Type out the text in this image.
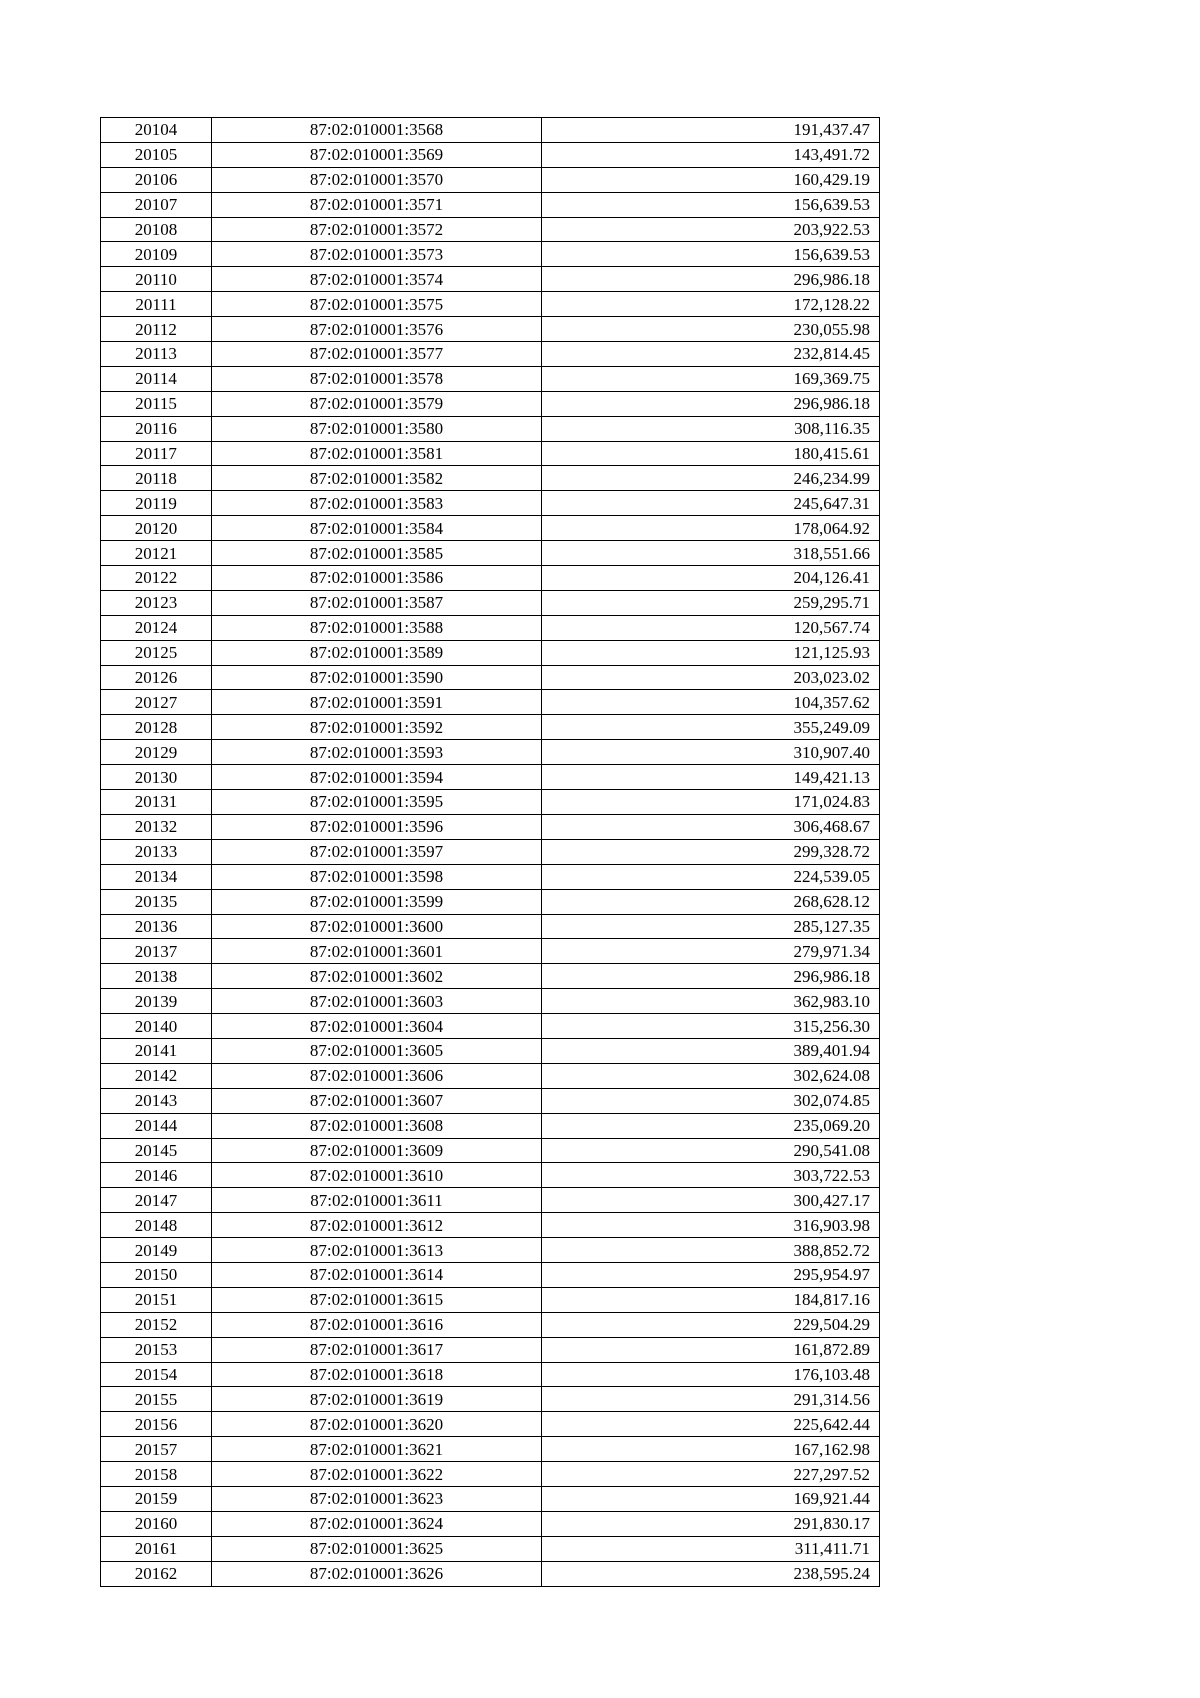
20104	87:02:010001:3568	191,437.47
20105	87:02:010001:3569	143,491.72
20106	87:02:010001:3570	160,429.19
20107	87:02:010001:3571	156,639.53
20108	87:02:010001:3572	203,922.53
20109	87:02:010001:3573	156,639.53
20110	87:02:010001:3574	296,986.18
20111	87:02:010001:3575	172,128.22
20112	87:02:010001:3576	230,055.98
20113	87:02:010001:3577	232,814.45
20114	87:02:010001:3578	169,369.75
20115	87:02:010001:3579	296,986.18
20116	87:02:010001:3580	308,116.35
20117	87:02:010001:3581	180,415.61
20118	87:02:010001:3582	246,234.99
20119	87:02:010001:3583	245,647.31
20120	87:02:010001:3584	178,064.92
20121	87:02:010001:3585	318,551.66
20122	87:02:010001:3586	204,126.41
20123	87:02:010001:3587	259,295.71
20124	87:02:010001:3588	120,567.74
20125	87:02:010001:3589	121,125.93
20126	87:02:010001:3590	203,023.02
20127	87:02:010001:3591	104,357.62
20128	87:02:010001:3592	355,249.09
20129	87:02:010001:3593	310,907.40
20130	87:02:010001:3594	149,421.13
20131	87:02:010001:3595	171,024.83
20132	87:02:010001:3596	306,468.67
20133	87:02:010001:3597	299,328.72
20134	87:02:010001:3598	224,539.05
20135	87:02:010001:3599	268,628.12
20136	87:02:010001:3600	285,127.35
20137	87:02:010001:3601	279,971.34
20138	87:02:010001:3602	296,986.18
20139	87:02:010001:3603	362,983.10
20140	87:02:010001:3604	315,256.30
20141	87:02:010001:3605	389,401.94
20142	87:02:010001:3606	302,624.08
20143	87:02:010001:3607	302,074.85
20144	87:02:010001:3608	235,069.20
20145	87:02:010001:3609	290,541.08
20146	87:02:010001:3610	303,722.53
20147	87:02:010001:3611	300,427.17
20148	87:02:010001:3612	316,903.98
20149	87:02:010001:3613	388,852.72
20150	87:02:010001:3614	295,954.97
20151	87:02:010001:3615	184,817.16
20152	87:02:010001:3616	229,504.29
20153	87:02:010001:3617	161,872.89
20154	87:02:010001:3618	176,103.48
20155	87:02:010001:3619	291,314.56
20156	87:02:010001:3620	225,642.44
20157	87:02:010001:3621	167,162.98
20158	87:02:010001:3622	227,297.52
20159	87:02:010001:3623	169,921.44
20160	87:02:010001:3624	291,830.17
20161	87:02:010001:3625	311,411.71
20162	87:02:010001:3626	238,595.24
